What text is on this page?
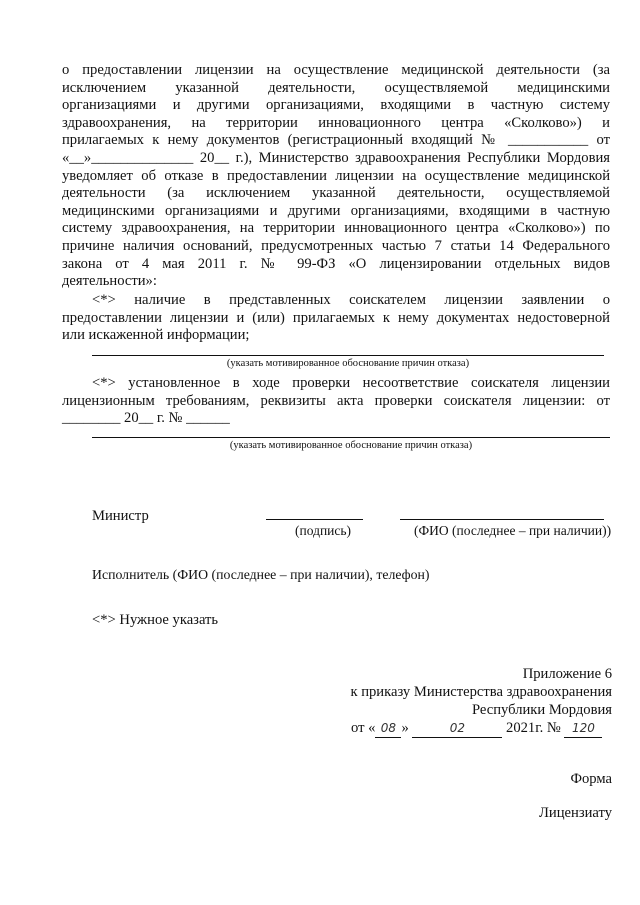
о предоставлении лицензии на осуществление медицинской деятельности (за
исключением указанной деятельности, осуществляемой медицинскими
организациями и другими организациями, входящими в частную систему
здравоохранения, на территории инновационного центра «Сколково») и
прилагаемых к нему документов (регистрационный входящий № ___________ от
«__»______________ 20__ г.), Министерство здравоохранения Республики Мордовия
уведомляет об отказе в предоставлении лицензии на осуществление медицинской
деятельности (за исключением указанной деятельности, осуществляемой
медицинскими организациями и другими организациями, входящими в частную
систему здравоохранения, на территории инновационного центра «Сколково») по
причине наличия оснований, предусмотренных частью 7 статьи 14 Федерального
закона от 4 мая 2011 г. № 99-ФЗ «О лицензировании отдельных видов
деятельности»:
<*> наличие в представленных соискателем лицензии заявлении о
предоставлении лицензии и (или) прилагаемых к нему документах недостоверной
или искаженной информации;
(указать мотивированное обоснование причин отказа)
<*> установленное в ходе проверки несоответствие соискателя лицензии
лицензионным требованиям, реквизиты акта проверки соискателя лицензии: от
________ 20__ г. № ______
(указать мотивированное обоснование причин отказа)
Министр
(подпись)	(ФИО (последнее – при наличии))
Исполнитель (ФИО (последнее – при наличии), телефон)
<*> Нужное указать
Приложение 6
к приказу Министерства здравоохранения
Республики Мордовия
от « 08 »	02	2021г. № 120
Форма
Лицензиату
